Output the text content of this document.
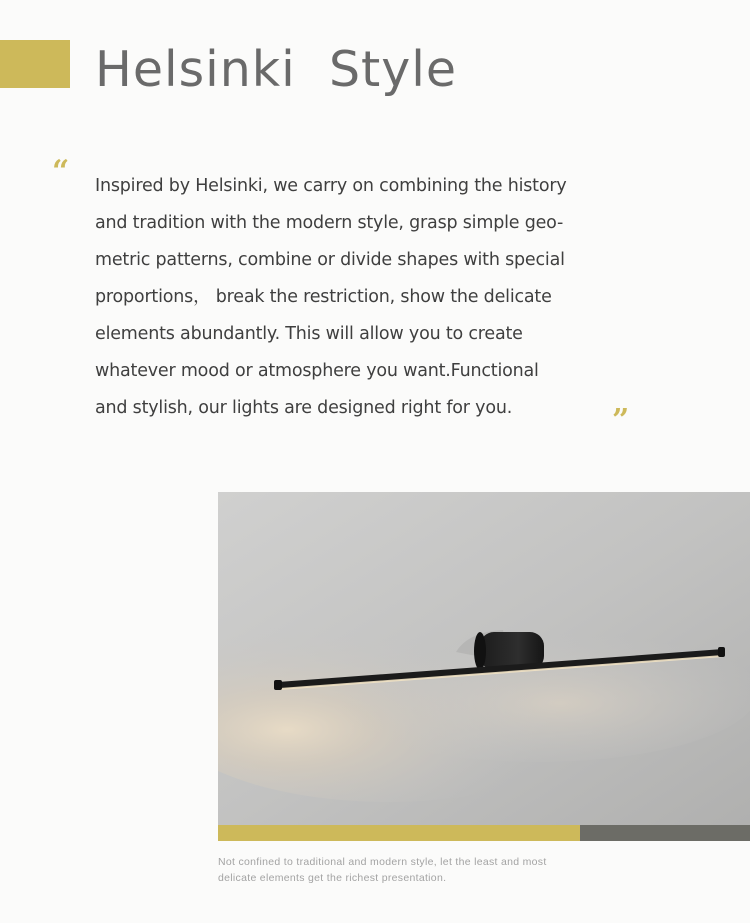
Helsinki  Style
“ Inspired by Helsinki, we carry on combining the history
and tradition with the modern style, grasp simple geo-
metric patterns, combine or divide shapes with special
proportions， break the restriction, show the delicate
elements abundantly. This will allow you to create
whatever mood or atmosphere you want.Functional
and stylish, our lights are designed right for you.	”
Not confined to traditional and modern style, let the least and most
delicate elements get the richest presentation.
